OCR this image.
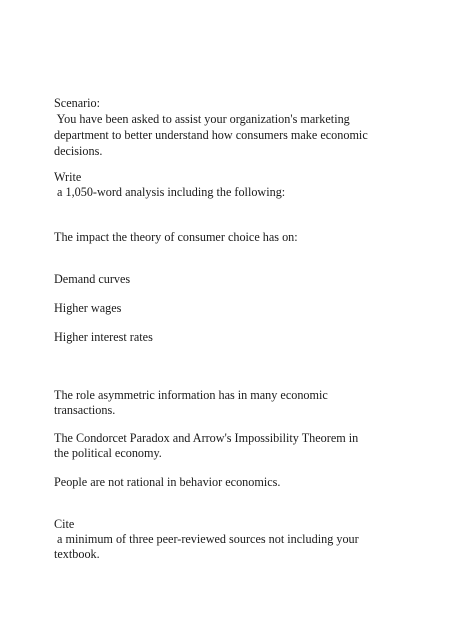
Scenario:

You have been asked to assist your organization's marketing

department to better understand how consumers make economic

decisions.

Write

a 1,050-word analysis including the following:

The impact the theory of consumer choice has on:

Demand curves

Higher wages

Higher interest rates

The role asymmetric information has in many economic

transactions.

The Condorcet Paradox and Arrow's Impossibility Theorem in

the political economy.

People are not rational in behavior economics.

Cite

a minimum of three peer-reviewed sources not including your

textbook.
